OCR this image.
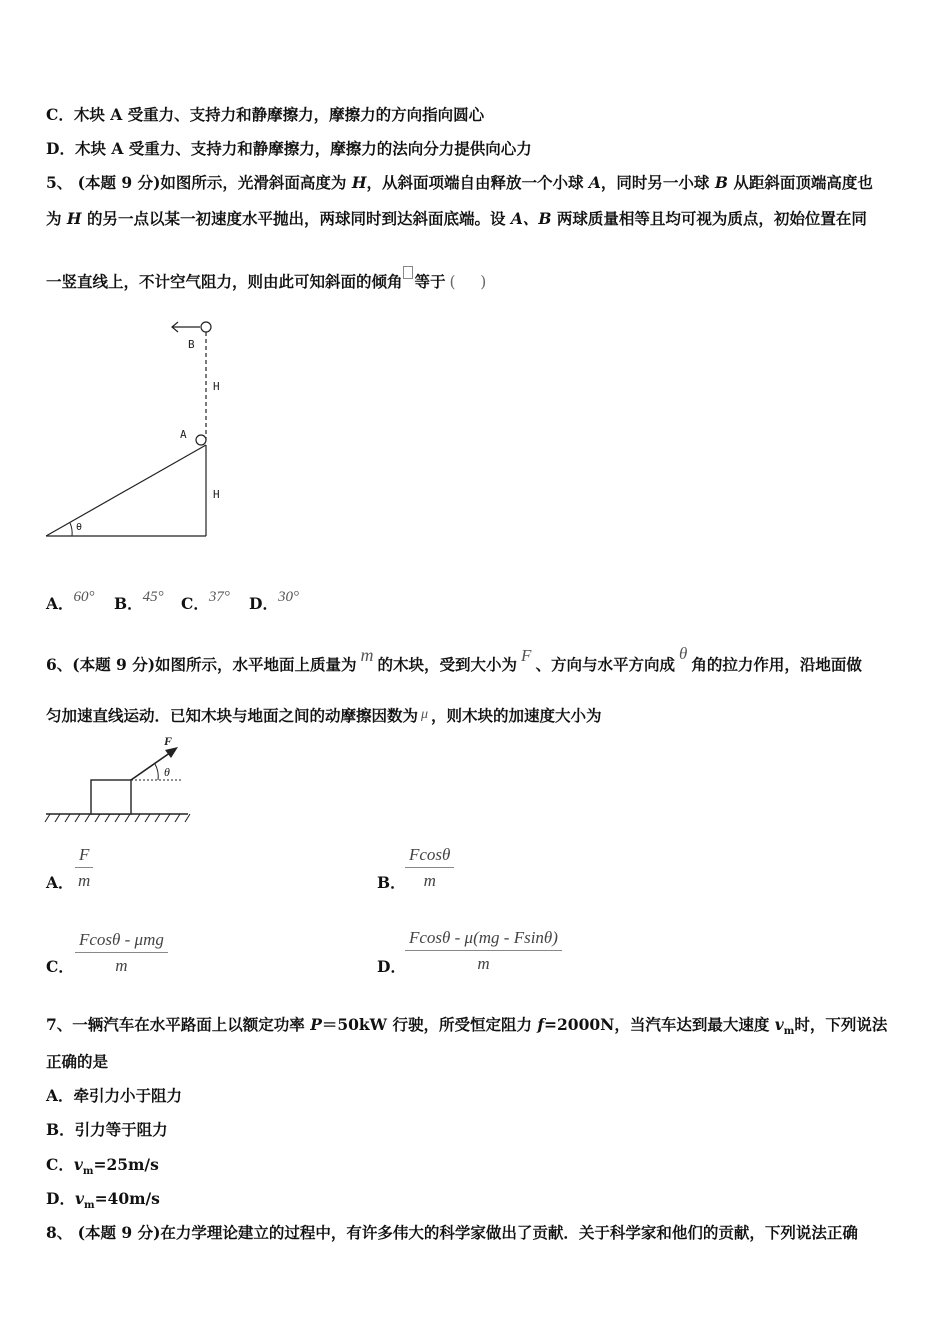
C．木块 A 受重力、支持力和静摩擦力，摩擦力的方向指向圆心
D．木块 A 受重力、支持力和静摩擦力，摩擦力的法向分力提供向心力
5、 (本题 9 分)如图所示，光滑斜面高度为 H，从斜面项端自由释放一个小球 A，同时另一小球 B 从距斜面顶端高度也
为 H 的另一点以某一初速度水平抛出，两球同时到达斜面底端。设 A、B 两球质量相等且均可视为质点，初始位置在同
一竖直线上，不计空气阻力，则由此可知斜面的倾角 等于 (     )
B
H
A
H
θ
A．60° B．45° C．37° D．30°
6、(本题 9 分)如图所示，水平地面上质量为 m 的木块，受到大小为 F 、方向与水平方向成θ角的拉力作用，沿地面做
匀加速直线运动．已知木块与地面之间的动摩擦因数为 μ ，则木块的加速度大小为
F
θ
A． $\frac{F}{m}$	B． $\frac{Fcos\theta}{m}$
C．
Fcosθ - μmg
m	D． $\frac{Fcos\theta - \mu(mg - Fsin\theta)}{m}$
7、一辆汽车在水平路面上以额定功率 P＝50kW 行驶，所受恒定阻力 f=2000N，当汽车达到最大速度 $v_m$时，下列说法
正确的是
A．牵引力小于阻力
B．引力等于阻力
C．$v_m=25m/s$
D．$v_m=40m/s$
8、 (本题 9 分)在力学理论建立的过程中，有许多伟大的科学家做出了贡献．关于科学家和他们的贡献，下列说法正确
